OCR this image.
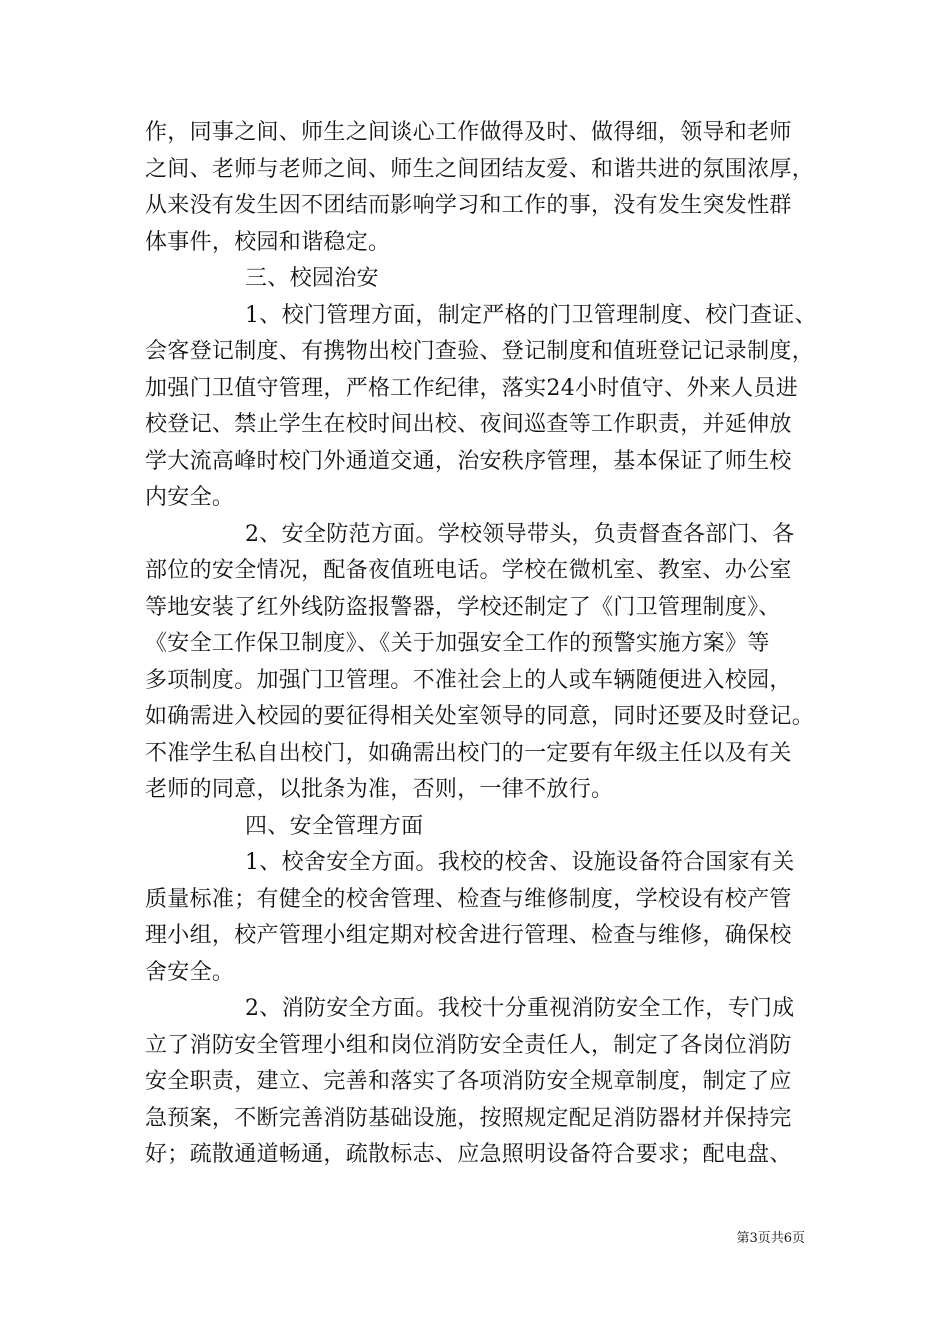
作，同事之间、师生之间谈心工作做得及时、做得细，领导和老师
之间、老师与老师之间、师生之间团结友爱、和谐共进的氛围浓厚，
从来没有发生因不团结而影响学习和工作的事，没有发生突发性群
体事件，校园和谐稳定。
三、校园治安
1、校门管理方面，制定严格的门卫管理制度、校门查证、
会客登记制度、有携物出校门查验、登记制度和值班登记记录制度，
加强门卫值守管理，严格工作纪律，落实24小时值守、外来人员进
校登记、禁止学生在校时间出校、夜间巡查等工作职责，并延伸放
学大流高峰时校门外通道交通，治安秩序管理，基本保证了师生校
内安全。
2、安全防范方面。学校领导带头，负责督查各部门、各
部位的安全情况，配备夜值班电话。学校在微机室、教室、办公室
等地安装了红外线防盗报警器，学校还制定了《门卫管理制度》、
《安全工作保卫制度》、《关于加强安全工作的预警实施方案》等
多项制度。加强门卫管理。不准社会上的人或车辆随便进入校园，
如确需进入校园的要征得相关处室领导的同意，同时还要及时登记。
不准学生私自出校门，如确需出校门的一定要有年级主任以及有关
老师的同意，以批条为准，否则，一律不放行。
四、安全管理方面
1、校舍安全方面。我校的校舍、设施设备符合国家有关
质量标准；有健全的校舍管理、检查与维修制度，学校设有校产管
理小组，校产管理小组定期对校舍进行管理、检查与维修，确保校
舍安全。
2、消防安全方面。我校十分重视消防安全工作，专门成
立了消防安全管理小组和岗位消防安全责任人，制定了各岗位消防
安全职责，建立、完善和落实了各项消防安全规章制度，制定了应
急预案，不断完善消防基础设施，按照规定配足消防器材并保持完
好；疏散通道畅通，疏散标志、应急照明设备符合要求；配电盘、
第3页共6页
